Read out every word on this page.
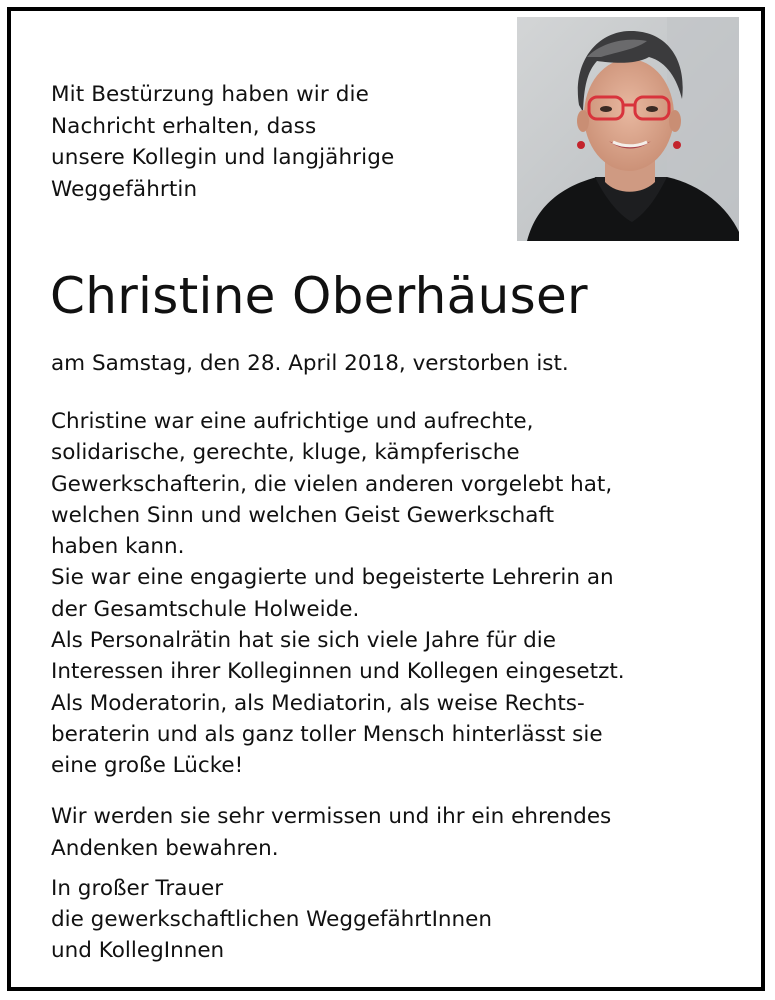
Mit Bestürzung haben wir die
Nachricht erhalten, dass
unsere Kollegin und langjährige
Weggefährtin
Christine Oberhäuser
am Samstag, den 28. April 2018, verstorben ist.
Christine war eine aufrichtige und aufrechte,
solidarische, gerechte, kluge, kämpferische
Gewerkschafterin, die vielen anderen vorgelebt hat,
welchen Sinn und welchen Geist Gewerkschaft
haben kann.
Sie war eine engagierte und begeisterte Lehrerin an
der Gesamtschule Holweide.
Als Personalrätin hat sie sich viele Jahre für die
Interessen ihrer Kolleginnen und Kollegen eingesetzt.
Als Moderatorin, als Mediatorin, als weise Rechts-
beraterin und als ganz toller Mensch hinterlässt sie
eine große Lücke!
Wir werden sie sehr vermissen und ihr ein ehrendes
Andenken bewahren.
In großer Trauer
die gewerkschaftlichen WeggefährtInnen
und KollegInnen
